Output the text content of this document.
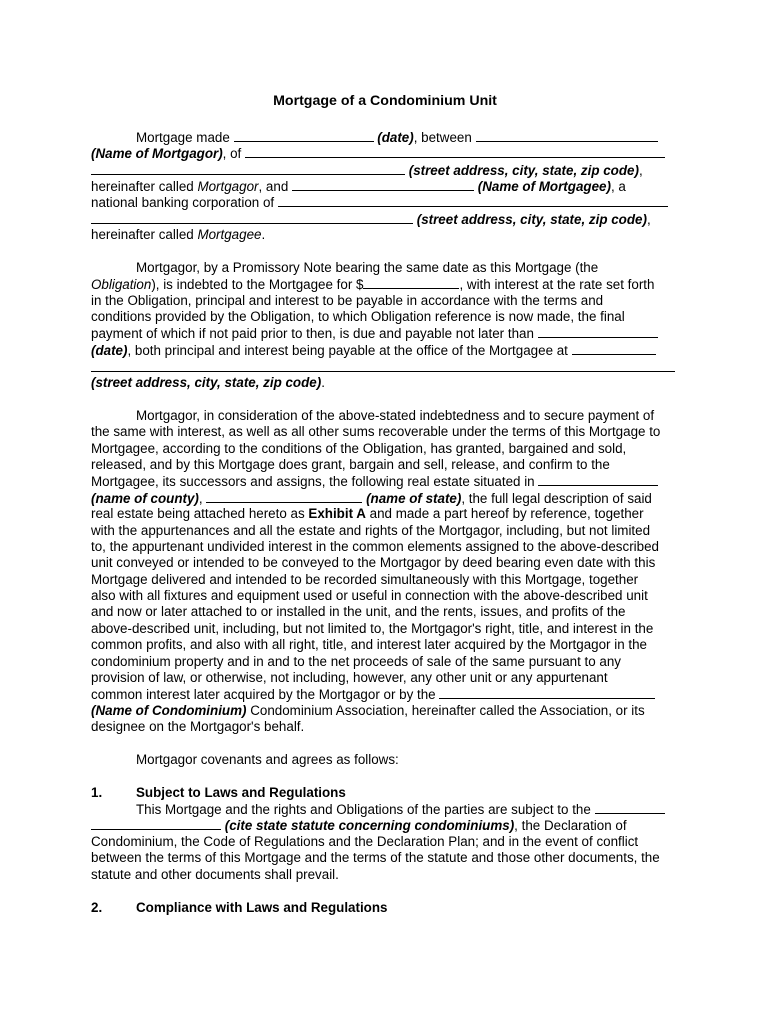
Mortgage of a Condominium Unit
Mortgage made	(date), between
(Name of Mortgagor), of
(street address, city, state, zip code),
hereinafter called Mortgagor, and	(Name of Mortgagee), a
national banking corporation of
(street address, city, state, zip code),
hereinafter called Mortgagee.
Mortgagor, by a Promissory Note bearing the same date as this Mortgage (the
Obligation), is indebted to the Mortgagee for $	, with interest at the rate set forth
in the Obligation, principal and interest to be payable in accordance with the terms and
conditions provided by the Obligation, to which Obligation reference is now made, the final
payment of which if not paid prior to then, is due and payable not later than
(date), both principal and interest being payable at the office of the Mortgagee at
(street address, city, state, zip code).
Mortgagor, in consideration of the above-stated indebtedness and to secure payment of
the same with interest, as well as all other sums recoverable under the terms of this Mortgage to
Mortgagee, according to the conditions of the Obligation, has granted, bargained and sold,
released, and by this Mortgage does grant, bargain and sell, release, and confirm to the
Mortgagee, its successors and assigns, the following real estate situated in
(name of county),	(name of state), the full legal description of said
real estate being attached hereto as Exhibit A and made a part hereof by reference, together
with the appurtenances and all the estate and rights of the Mortgagor, including, but not limited
to, the appurtenant undivided interest in the common elements assigned to the above-described
unit conveyed or intended to be conveyed to the Mortgagor by deed bearing even date with this
Mortgage delivered and intended to be recorded simultaneously with this Mortgage, together
also with all fixtures and equipment used or useful in connection with the above-described unit
and now or later attached to or installed in the unit, and the rents, issues, and profits of the
above-described unit, including, but not limited to, the Mortgagor's right, title, and interest in the
common profits, and also with all right, title, and interest later acquired by the Mortgagor in the
condominium property and in and to the net proceeds of sale of the same pursuant to any
provision of law, or otherwise, not including, however, any other unit or any appurtenant
common interest later acquired by the Mortgagor or by the
(Name of Condominium) Condominium Association, hereinafter called the Association, or its
designee on the Mortgagor's behalf.
Mortgagor covenants and agrees as follows:
1.	Subject to Laws and Regulations
This Mortgage and the rights and Obligations of the parties are subject to the
(cite state statute concerning condominiums), the Declaration of
Condominium, the Code of Regulations and the Declaration Plan; and in the event of conflict
between the terms of this Mortgage and the terms of the statute and those other documents, the
statute and other documents shall prevail.
2.	Compliance with Laws and Regulations
